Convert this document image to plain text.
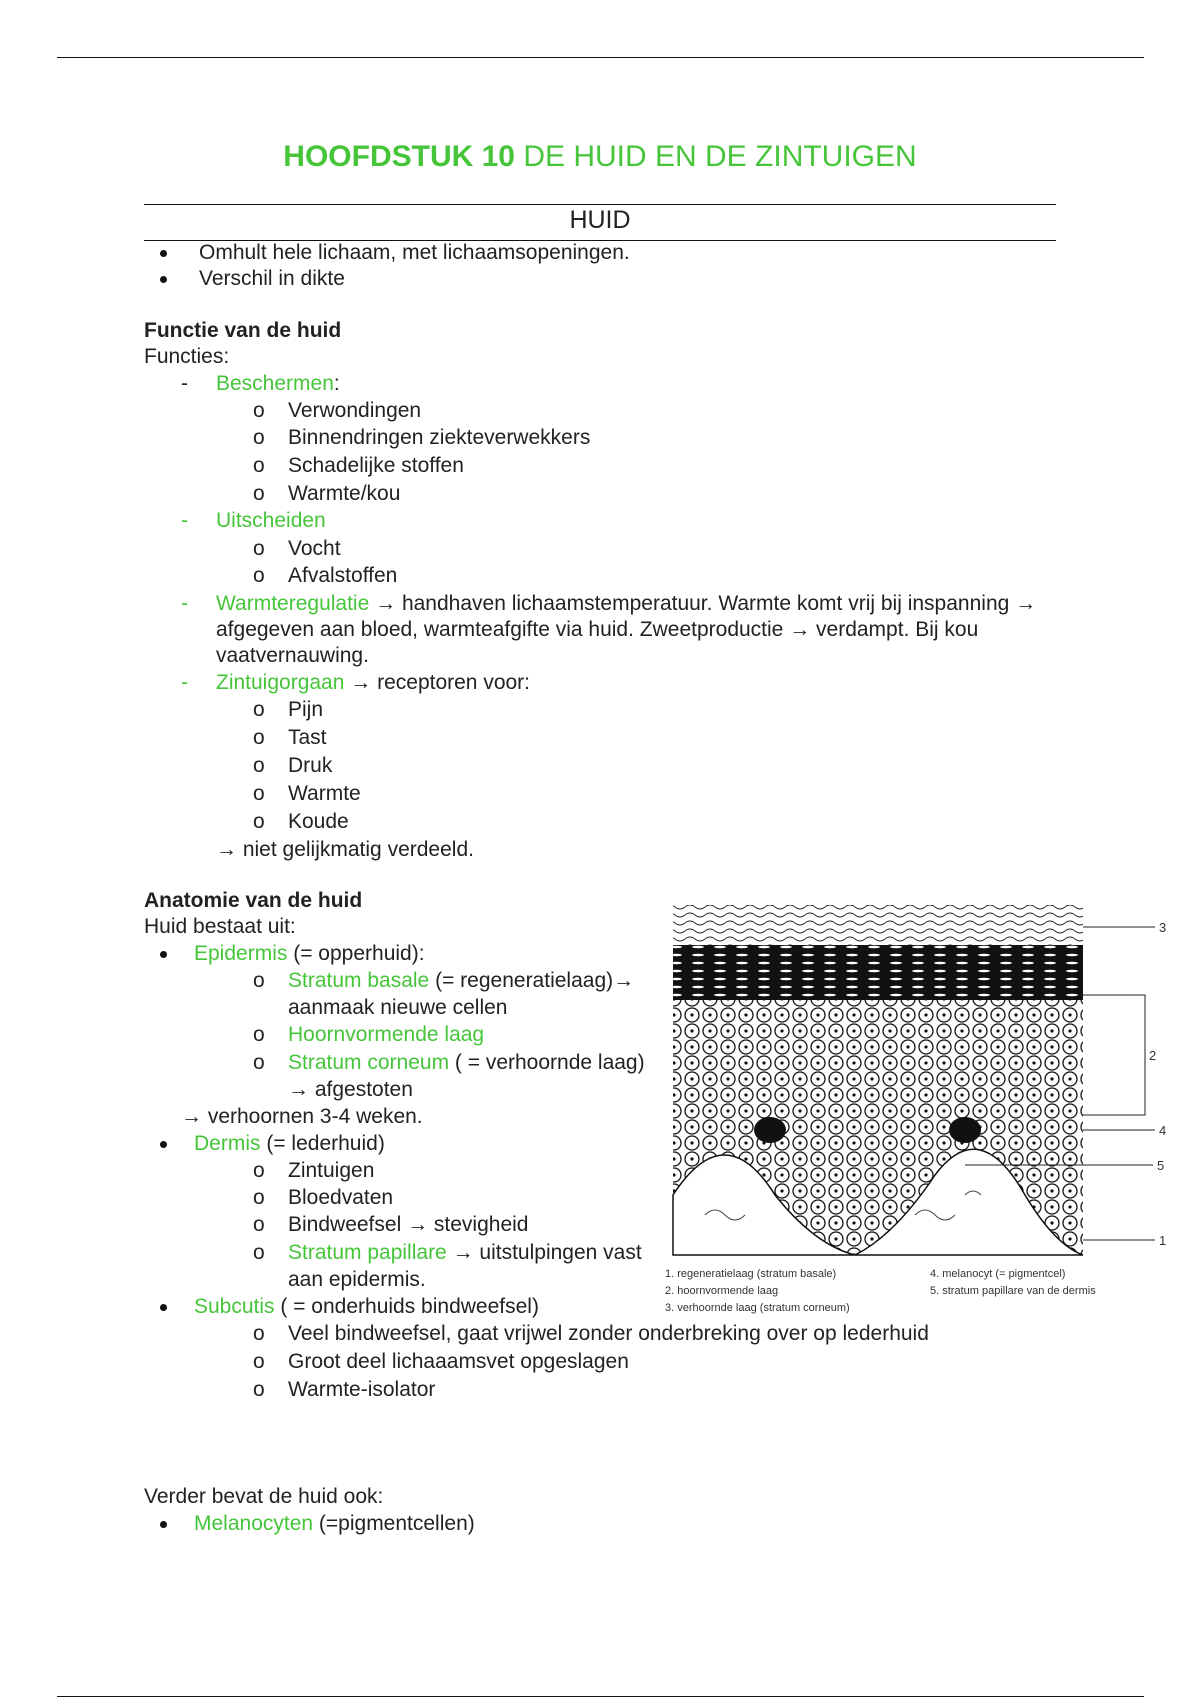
HOOFDSTUK 10 DE HUID EN DE ZINTUIGEN
HUID
Omhult hele lichaam, met lichaamsopeningen.
Verschil in dikte
Functie van de huid
Functies:
- Beschermen:
o Verwondingen
o Binnendringen ziekteverwekkers
o Schadelijke stoffen
o Warmte/kou
- Uitscheiden
o Vocht
o Afvalstoffen
- Warmteregulatie → handhaven lichaamstemperatuur. Warmte komt vrij bij inspanning →
afgegeven aan bloed, warmteafgifte via huid. Zweetproductie → verdampt. Bij kou
vaatvernauwing.
- Zintuigorgaan → receptoren voor:
o Pijn
o Tast
o Druk
o Warmte
o Koude
→ niet gelijkmatig verdeeld.
Anatomie van de huid
Huid bestaat uit:
Epidermis (= opperhuid):
o Stratum basale (= regeneratielaag)→
aanmaak nieuwe cellen
o Hoornvormende laag
o Stratum corneum ( = verhoornde laag)
→ afgestoten
→ verhoornen 3-4 weken.
Dermis (= lederhuid)
o Zintuigen
o Bloedvaten
o Bindweefsel → stevigheid
o Stratum papillare → uitstulpingen vast
aan epidermis.
Subcutis ( = onderhuids bindweefsel)
o Veel bindweefsel, gaat vrijwel zonder onderbreking over op lederhuid
o Groot deel lichaaamsvet opgeslagen
o Warmte-isolator
Verder bevat de huid ook:
Melanocyten (=pigmentcellen)
3
2
4
5
1
1. regeneratielaag (stratum basale)
2. hoornvormende laag
3. verhoornde laag (stratum corneum)
4. melanocyt (= pigmentcel)
5. stratum papillare van de dermis
